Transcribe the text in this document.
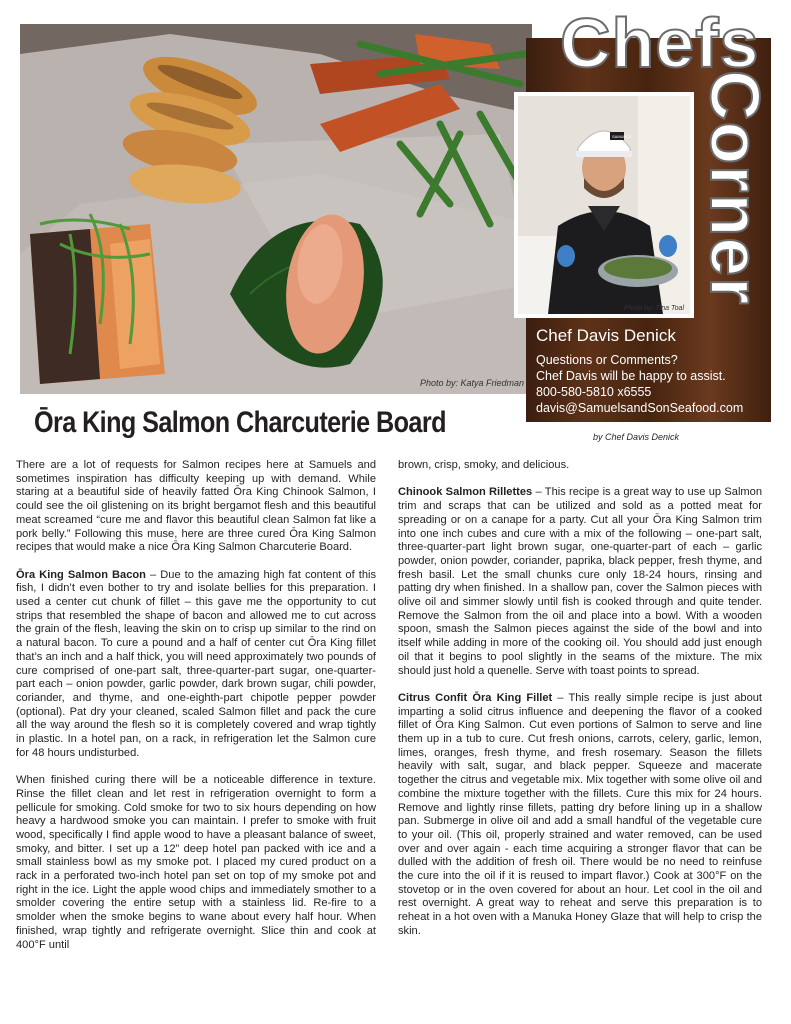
Photo by: Katya Friedman
Chefs
Corner
SAMUELS
Photo by: Tina Toal
Chef Davis Denick
Questions or Comments?
Chef Davis will be happy to assist.
800-580-5810 x6555
davis@SamuelsandSonSeafood.com
Ōra King Salmon Charcuterie Board	by Chef Davis Denick

There are a lot of requests for Salmon recipes here at Samuels and sometimes inspiration has difficulty keeping up with demand. While staring at a beautiful side of heavily fatted Ōra King Chinook Salmon, I could see the oil glistening on its bright bergamot flesh and this beautiful meat screamed “cure me and flavor this beautiful clean Salmon fat like a pork belly.” Following this muse, here are three cured Ōra King Salmon recipes that would make a nice Ōra King Salmon Charcuterie Board.

Ōra King Salmon Bacon – Due to the amazing high fat content of this fish, I didn’t even bother to try and isolate bellies for this preparation. I used a center cut chunk of fillet – this gave me the opportunity to cut strips that resembled the shape of bacon and allowed me to cut across the grain of the flesh, leaving the skin on to crisp up similar to the rind on a natural bacon. To cure a pound and a half of center cut Ōra King fillet that’s an inch and a half thick, you will need approximately two pounds of cure comprised of one-part salt, three-quarter-part sugar, one-quarter-part each – onion powder, garlic powder, dark brown sugar, chili powder, coriander, and thyme, and one-eighth-part chipotle pepper powder (optional). Pat dry your cleaned, scaled Salmon fillet and pack the cure all the way around the flesh so it is completely covered and wrap tightly in plastic. In a hotel pan, on a rack, in refrigeration let the Salmon cure for 48 hours undisturbed.

When finished curing there will be a noticeable difference in texture. Rinse the fillet clean and let rest in refrigeration overnight to form a pellicule for smoking. Cold smoke for two to six hours depending on how heavy a hardwood smoke you can maintain. I prefer to smoke with fruit wood, specifically I find apple wood to have a pleasant balance of sweet, smoky, and bitter. I set up a 12” deep hotel pan packed with ice and a small stainless bowl as my smoke pot. I placed my cured product on a rack in a perforated two-inch hotel pan set on top of my smoke pot and right in the ice. Light the apple wood chips and immediately smother to a smolder covering the entire setup with a stainless lid. Re-fire to a smolder when the smoke begins to wane about every half hour. When finished, wrap tightly and refrigerate overnight. Slice thin and cook at 400°F until

brown, crisp, smoky, and delicious.

Chinook Salmon Rillettes – This recipe is a great way to use up Salmon trim and scraps that can be utilized and sold as a potted meat for spreading or on a canape for a party. Cut all your Ōra King Salmon trim into one inch cubes and cure with a mix of the following – one-part salt, three-quarter-part light brown sugar, one-quarter-part of each – garlic powder, onion powder, coriander, paprika, black pepper, fresh thyme, and fresh basil. Let the small chunks cure only 18-24 hours, rinsing and patting dry when finished. In a shallow pan, cover the Salmon pieces with olive oil and simmer slowly until fish is cooked through and quite tender. Remove the Salmon from the oil and place into a bowl. With a wooden spoon, smash the Salmon pieces against the side of the bowl and into itself while adding in more of the cooking oil. You should add just enough oil that it begins to pool slightly in the seams of the mixture. The mix should just hold a quenelle. Serve with toast points to spread.

Citrus Confit Ōra King Fillet – This really simple recipe is just about imparting a solid citrus influence and deepening the flavor of a cooked fillet of Ōra King Salmon. Cut even portions of Salmon to serve and line them up in a tub to cure. Cut fresh onions, carrots, celery, garlic, lemon, limes, oranges, fresh thyme, and fresh rosemary. Season the fillets heavily with salt, sugar, and black pepper. Squeeze and macerate together the citrus and vegetable mix. Mix together with some olive oil and combine the mixture together with the fillets. Cure this mix for 24 hours. Remove and lightly rinse fillets, patting dry before lining up in a shallow pan. Submerge in olive oil and add a small handful of the vegetable cure to your oil. (This oil, properly strained and water removed, can be used over and over again - each time acquiring a stronger flavor that can be dulled with the addition of fresh oil. There would be no need to reinfuse the cure into the oil if it is reused to impart flavor.) Cook at 300°F on the stovetop or in the oven covered for about an hour. Let cool in the oil and rest overnight. A great way to reheat and serve this preparation is to reheat in a hot oven with a Manuka Honey Glaze that will help to crisp the skin.
